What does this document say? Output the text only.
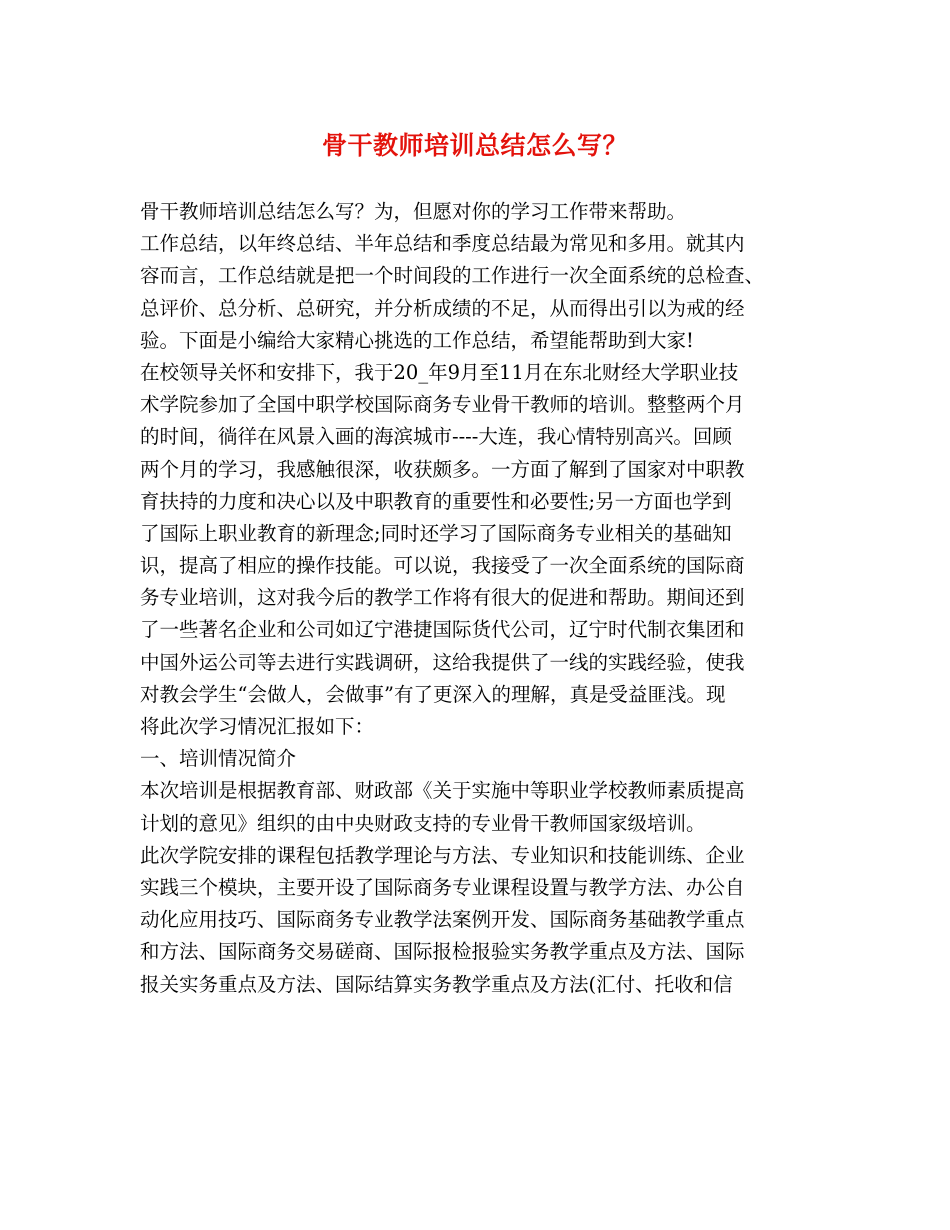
骨干教师培训总结怎么写？
骨干教师培训总结怎么写？为，但愿对你的学习工作带来帮助。
工作总结，以年终总结、半年总结和季度总结最为常见和多用。就其内
容而言，工作总结就是把一个时间段的工作进行一次全面系统的总检查、
总评价、总分析、总研究，并分析成绩的不足，从而得出引以为戒的经
验。下面是小编给大家精心挑选的工作总结，希望能帮助到大家!
在校领导关怀和安排下，我于20_年9月至11月在东北财经大学职业技
术学院参加了全国中职学校国际商务专业骨干教师的培训。整整两个月
的时间，徜徉在风景入画的海滨城市----大连，我心情特别高兴。回顾
两个月的学习，我感触很深，收获颇多。一方面了解到了国家对中职教
育扶持的力度和决心以及中职教育的重要性和必要性;另一方面也学到
了国际上职业教育的新理念;同时还学习了国际商务专业相关的基础知
识，提高了相应的操作技能。可以说，我接受了一次全面系统的国际商
务专业培训，这对我今后的教学工作将有很大的促进和帮助。期间还到
了一些著名企业和公司如辽宁港捷国际货代公司，辽宁时代制衣集团和
中国外运公司等去进行实践调研，这给我提供了一线的实践经验，使我
对教会学生“会做人，会做事”有了更深入的理解，真是受益匪浅。现
将此次学习情况汇报如下：
一、培训情况简介
本次培训是根据教育部、财政部《关于实施中等职业学校教师素质提高
计划的意见》组织的由中央财政支持的专业骨干教师国家级培训。
此次学院安排的课程包括教学理论与方法、专业知识和技能训练、企业
实践三个模块，主要开设了国际商务专业课程设置与教学方法、办公自
动化应用技巧、国际商务专业教学法案例开发、国际商务基础教学重点
和方法、国际商务交易磋商、国际报检报验实务教学重点及方法、国际
报关实务重点及方法、国际结算实务教学重点及方法(汇付、托收和信
